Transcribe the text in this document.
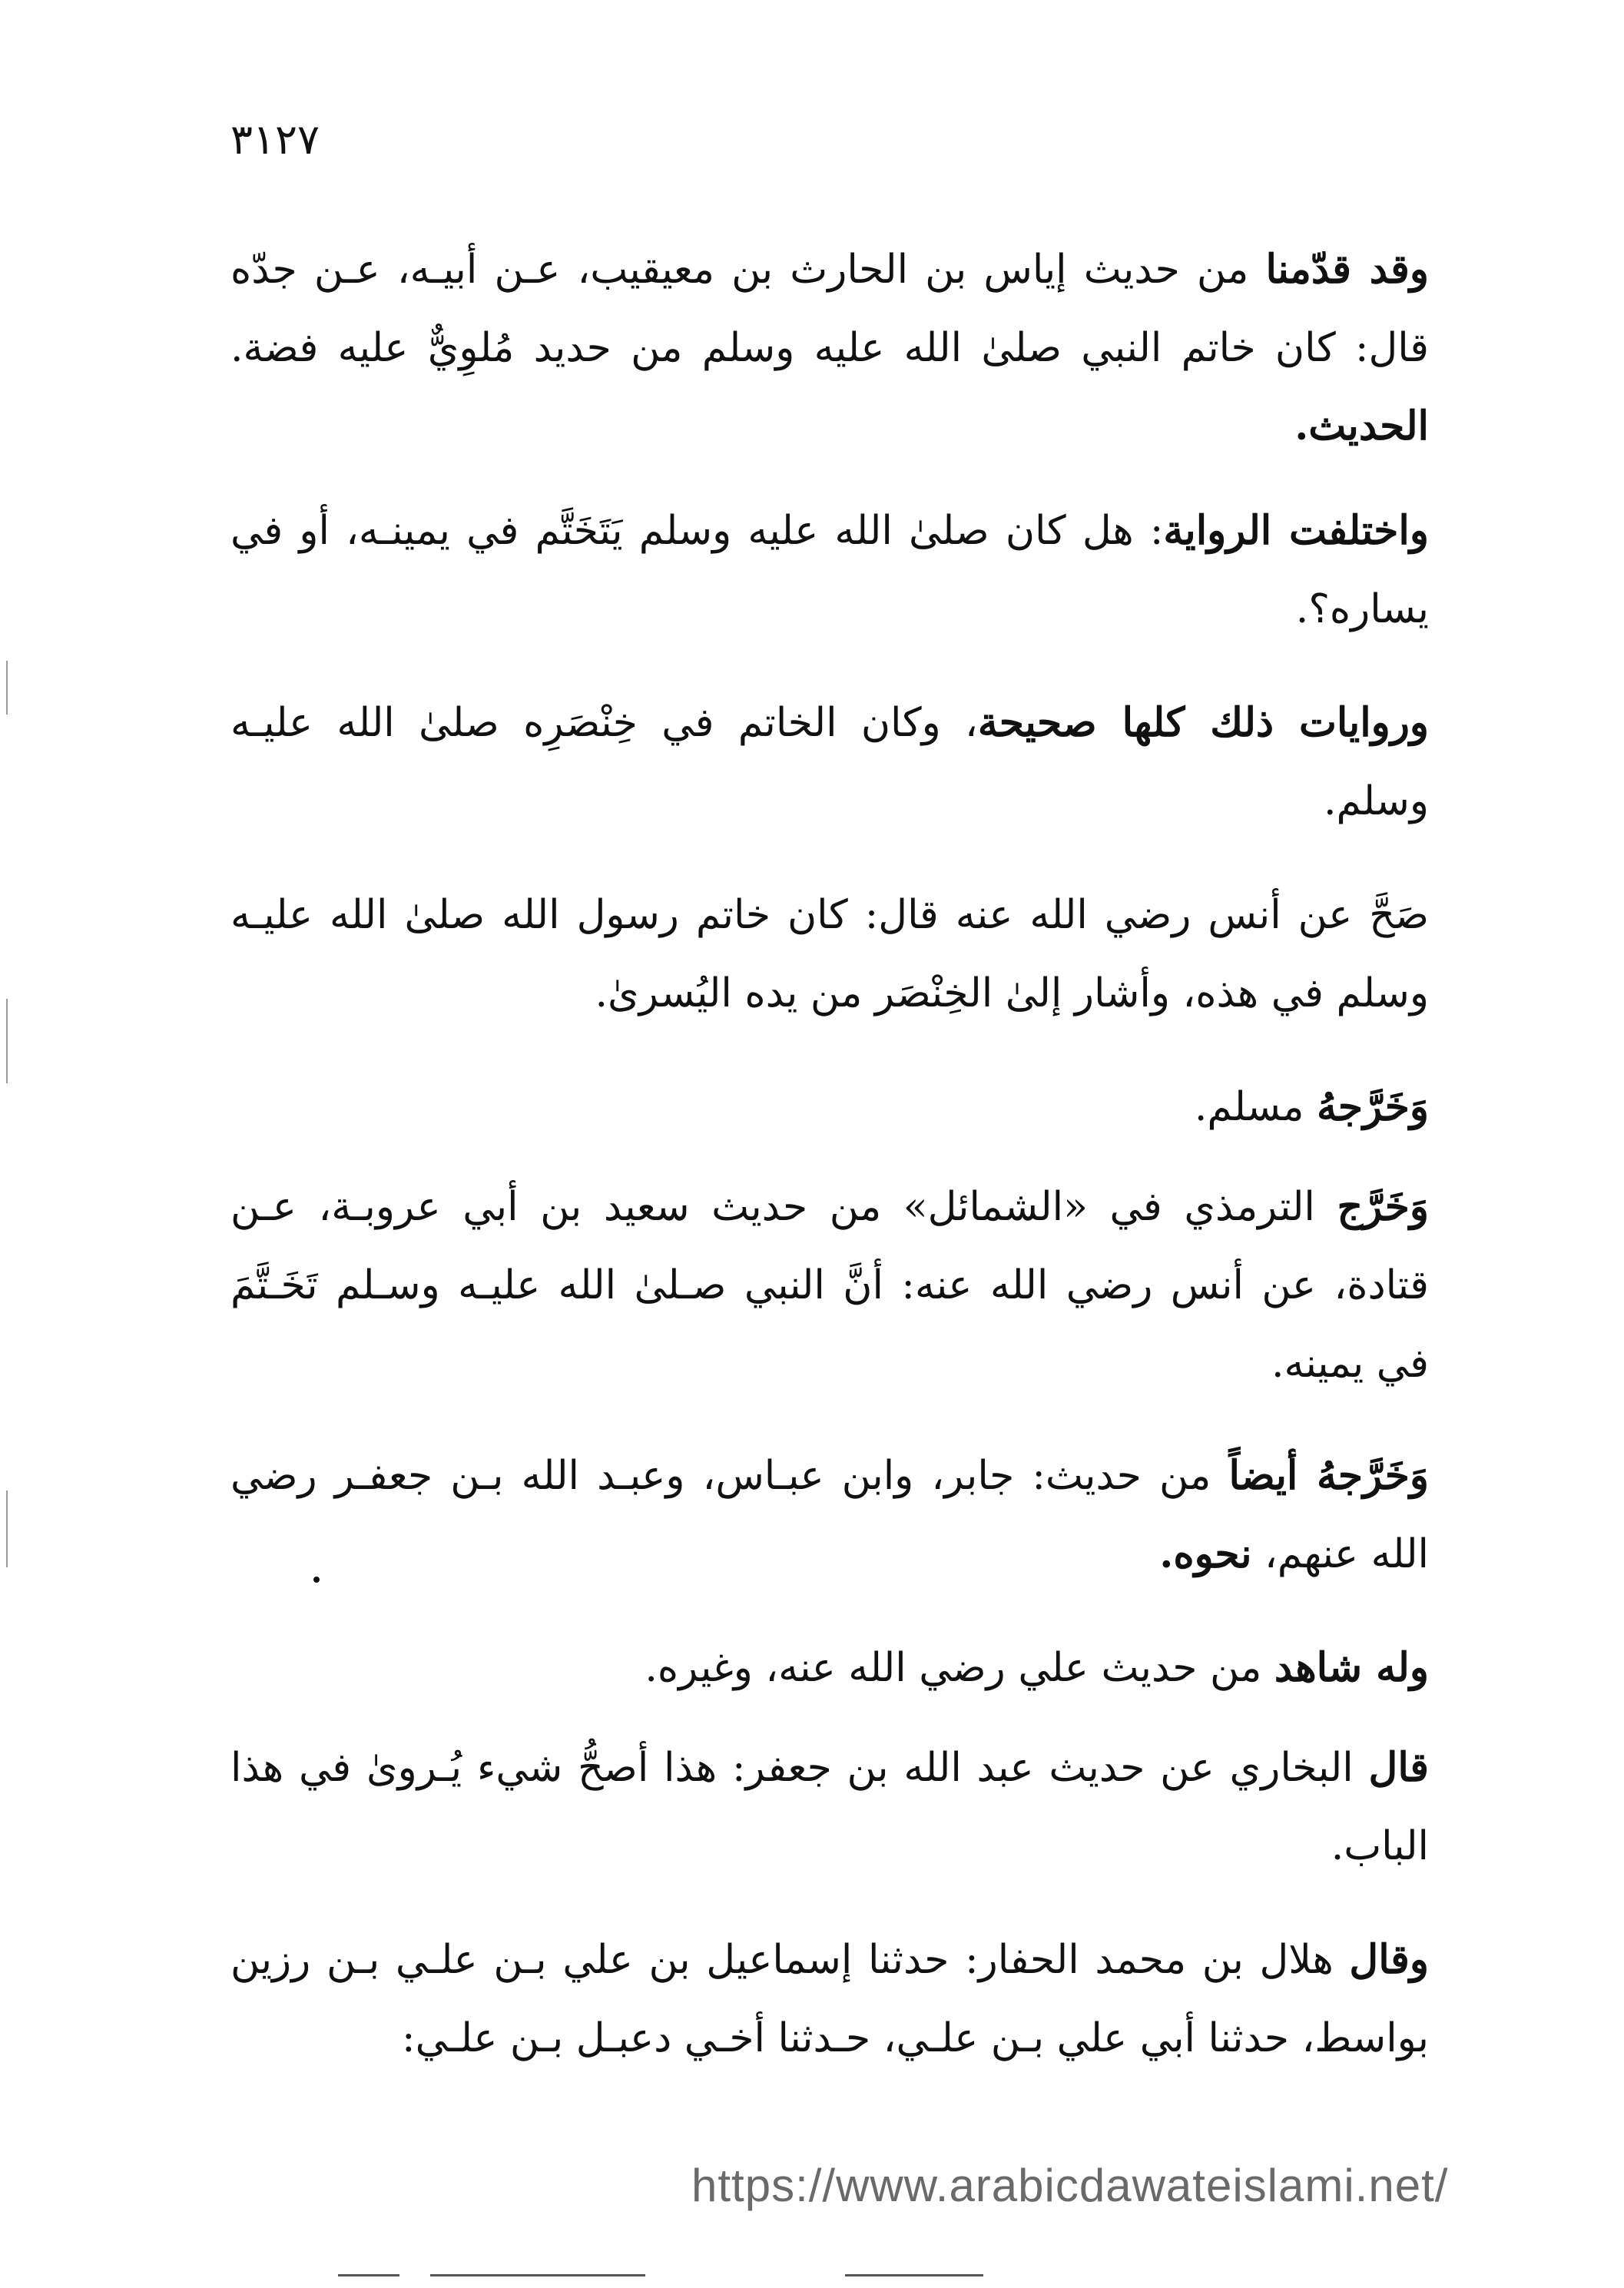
٣١٢٧
وقد قدّمنا من حديث إياس بن الحارث بن معيقيب، عـن أبيـه، عـن جدّه قال: كان خاتم النبي صلىٰ الله عليه وسلم من حديد مُلوِيٌّ عليه فضة. الحديث.
واختلفت الرواية: هل كان صلىٰ الله عليه وسلم يَتَخَتَّم في يمينـه، أو في يساره؟.
وروايات ذلك كلها صحيحة، وكان الخاتم في خِنْصَرِه صلىٰ الله عليـه وسلم.
صَحَّ عن أنس رضي الله عنه قال: كان خاتم رسول الله صلىٰ الله عليـه وسلم في هذه، وأشار إلىٰ الخِنْصَر من يده اليُسرىٰ.
وَخَرَّجهُ مسلم.
وَخَرَّج الترمذي في «الشمائل» من حديث سعيد بن أبي عروبـة، عـن قتادة، عن أنس رضي الله عنه: أنَّ النبي صـلىٰ الله عليـه وسـلم تَخَـتَّمَ في يمينه.
وَخَرَّجهُ أيضاً من حديث: جابر، وابن عبـاس، وعبـد الله بـن جعفـر رضي الله عنهم، نحوه.
وله شاهد من حديث علي رضي الله عنه، وغيره.
قال البخاري عن حديث عبد الله بن جعفر: هذا أصحُّ شيء يُـرویٰ في هذا الباب.
وقال هلال بن محمد الحفار: حدثنا إسماعيل بن علي بـن علـي بـن رزين بواسط، حدثنا أبي علي بـن علـي، حـدثنا أخـي دعبـل بـن علـي:
https://www.arabicdawateislami.net/
